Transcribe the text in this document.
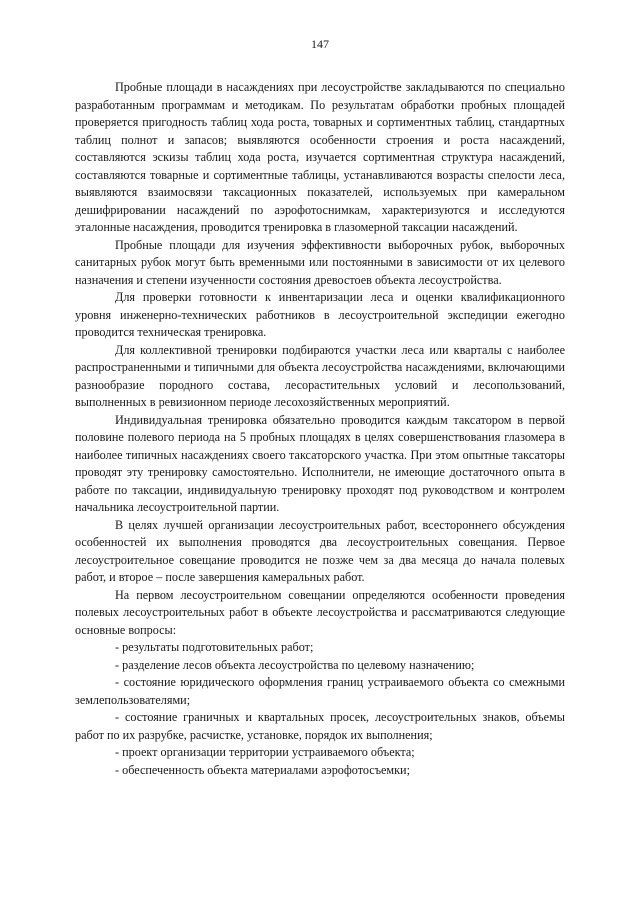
147

Пробные площади в насаждениях при лесоустройстве закладываются по специально разработанным программам и методикам. По результатам обработки пробных площадей проверяется пригодность таблиц хода роста, товарных и сортиментных таблиц, стандартных таблиц полнот и запасов; выявляются особенности строения и роста насаждений, составляются эскизы таблиц хода роста, изучается сортиментная структура насаждений, составляются товарные и сортиментные таблицы, устанавливаются возрасты спелости леса, выявляются взаимосвязи таксационных показателей, используемых при камеральном дешифрировании насаждений по аэрофотоснимкам, характеризуются и исследуются эталонные насаждения, проводится тренировка в глазомерной таксации насаждений.

Пробные площади для изучения эффективности выборочных рубок, выборочных санитарных рубок могут быть временными или постоянными в зависимости от их целевого назначения и степени изученности состояния древостоев объекта лесоустройства.

Для проверки готовности к инвентаризации леса и оценки квалификационного уровня инженерно-технических работников в лесоустроительной экспедиции ежегодно проводится техническая тренировка.

Для коллективной тренировки подбираются участки леса или кварталы с наиболее распространенными и типичными для объекта лесоустройства насаждениями, включающими разнообразие породного состава, лесорастительных условий и лесопользований, выполненных в ревизионном периоде лесохозяйственных мероприятий.

Индивидуальная тренировка обязательно проводится каждым таксатором в первой половине полевого периода на 5 пробных площадях в целях совершенствования глазомера в наиболее типичных насаждениях своего таксаторского участка. При этом опытные таксаторы проводят эту тренировку самостоятельно. Исполнители, не имеющие достаточного опыта в работе по таксации, индивидуальную тренировку проходят под руководством и контролем начальника лесоустроительной партии.

В целях лучшей организации лесоустроительных работ, всестороннего обсуждения особенностей их выполнения проводятся два лесоустроительных совещания. Первое лесоустроительное совещание проводится не позже чем за два месяца до начала полевых работ, и второе – после завершения камеральных работ.

На первом лесоустроительном совещании определяются особенности проведения полевых лесоустроительных работ в объекте лесоустройства и рассматриваются следующие основные вопросы:

- результаты подготовительных работ;

- разделение лесов объекта лесоустройства по целевому назначению;

- состояние юридического оформления границ устраиваемого объекта со смежными землепользователями;

- состояние граничных и квартальных просек, лесоустроительных знаков, объемы работ по их разрубке, расчистке, установке, порядок их выполнения;

- проект организации территории устраиваемого объекта;

- обеспеченность объекта материалами аэрофотосъемки;
